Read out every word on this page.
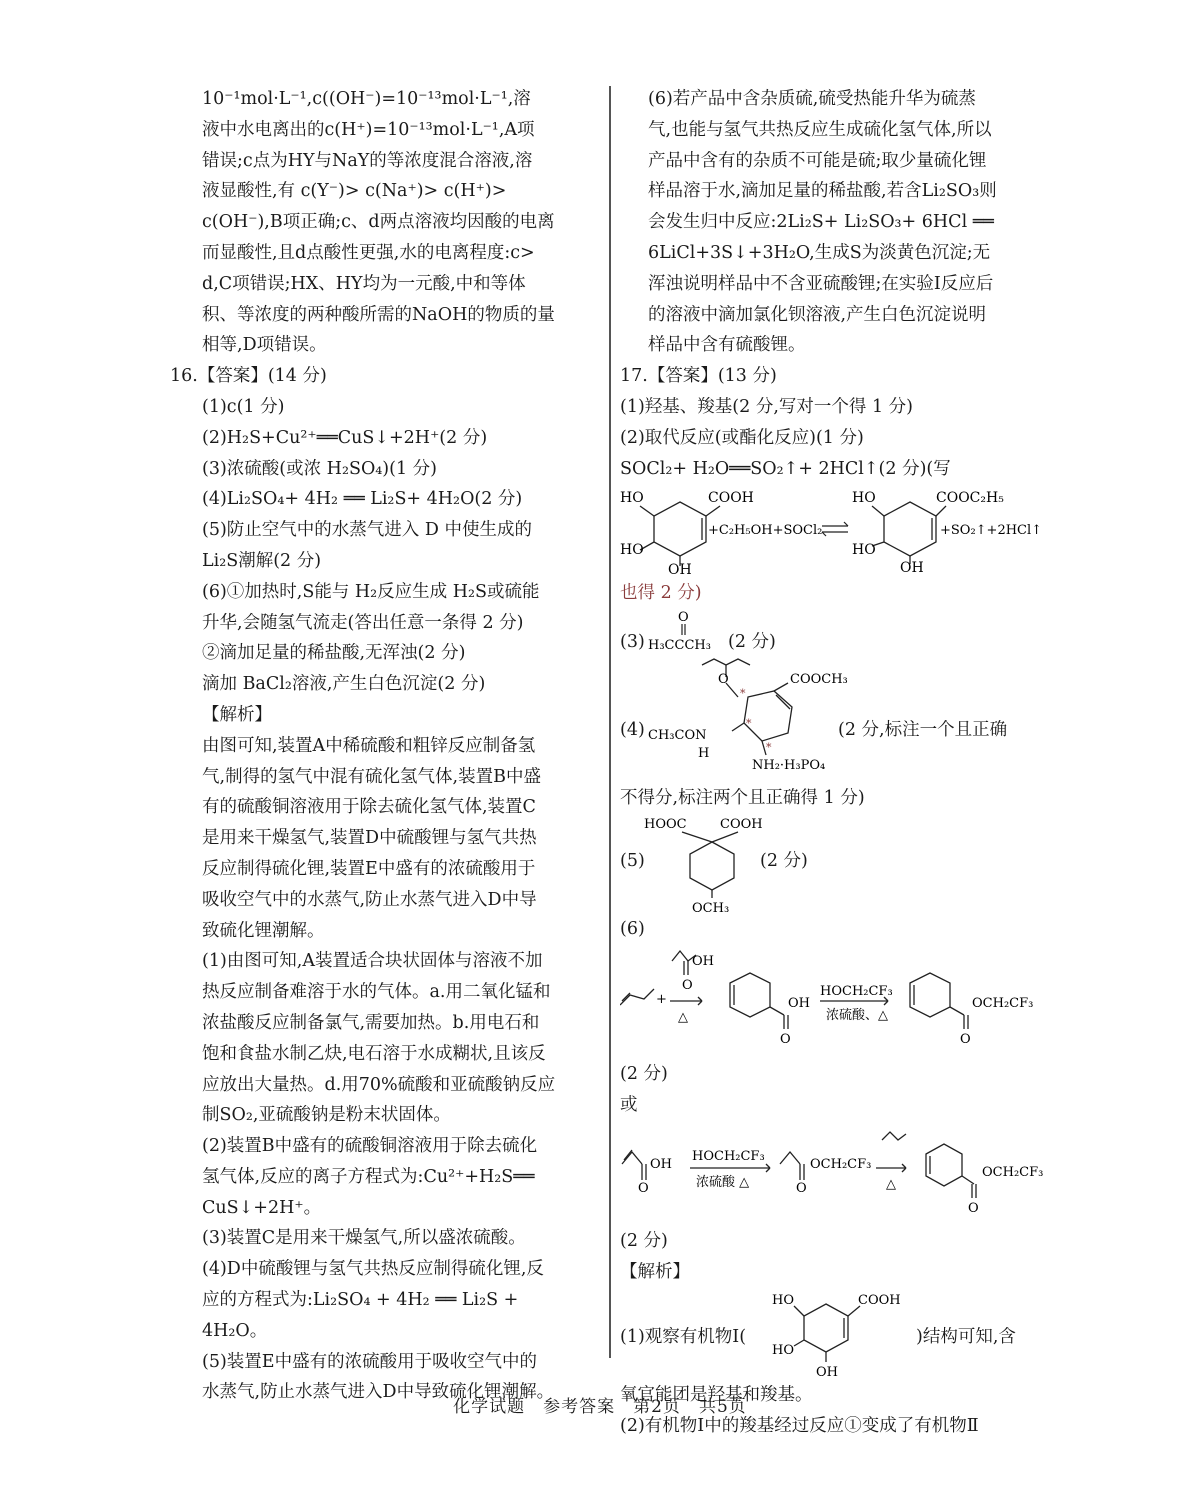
10⁻¹mol·L⁻¹,c((OH⁻)=10⁻¹³mol·L⁻¹,溶
液中水电离出的c(H⁺)=10⁻¹³mol·L⁻¹,A项
错误;c点为HY与NaY的等浓度混合溶液,溶
液显酸性,有 c(Y⁻)> c(Na⁺)> c(H⁺)>
c(OH⁻),B项正确;c、d两点溶液均因酸的电离
而显酸性,且d点酸性更强,水的电离程度:c>
d,C项错误;HX、HY均为一元酸,中和等体
积、等浓度的两种酸所需的NaOH的物质的量
相等,D项错误。
16.【答案】(14 分)
(1)c(1 分)
(2)H₂S+Cu²⁺══CuS↓+2H⁺(2 分)
(3)浓硫酸(或浓 H₂SO₄)(1 分)
(4)Li₂SO₄+ 4H₂ ══ Li₂S+ 4H₂O(2 分)
(5)防止空气中的水蒸气进入 D 中使生成的
Li₂S潮解(2 分)
(6)①加热时,S能与 H₂反应生成 H₂S或硫能
升华,会随氢气流走(答出任意一条得 2 分)
②滴加足量的稀盐酸,无浑浊(2 分)
滴加 BaCl₂溶液,产生白色沉淀(2 分)
【解析】
由图可知,装置A中稀硫酸和粗锌反应制备氢
气,制得的氢气中混有硫化氢气体,装置B中盛
有的硫酸铜溶液用于除去硫化氢气体,装置C
是用来干燥氢气,装置D中硫酸锂与氢气共热
反应制得硫化锂,装置E中盛有的浓硫酸用于
吸收空气中的水蒸气,防止水蒸气进入D中导
致硫化锂潮解。
(1)由图可知,A装置适合块状固体与溶液不加
热反应制备难溶于水的气体。a.用二氧化锰和
浓盐酸反应制备氯气,需要加热。b.用电石和
饱和食盐水制乙炔,电石溶于水成糊状,且该反
应放出大量热。d.用70%硫酸和亚硫酸钠反应
制SO₂,亚硫酸钠是粉末状固体。
(2)装置B中盛有的硫酸铜溶液用于除去硫化
氢气体,反应的离子方程式为:Cu²⁺+H₂S══
CuS↓+2H⁺。
(3)装置C是用来干燥氢气,所以盛浓硫酸。
(4)D中硫酸锂与氢气共热反应制得硫化锂,反
应的方程式为:Li₂SO₄ + 4H₂ ══ Li₂S +
4H₂O。
(5)装置E中盛有的浓硫酸用于吸收空气中的
水蒸气,防止水蒸气进入D中导致硫化锂潮解。
(6)若产品中含杂质硫,硫受热能升华为硫蒸
气,也能与氢气共热反应生成硫化氢气体,所以
产品中含有的杂质不可能是硫;取少量硫化锂
样品溶于水,滴加足量的稀盐酸,若含Li₂SO₃则
会发生归中反应:2Li₂S+ Li₂SO₃+ 6HCl ══
6LiCl+3S↓+3H₂O,生成S为淡黄色沉淀;无
浑浊说明样品中不含亚硫酸锂;在实验Ⅰ反应后
的溶液中滴加氯化钡溶液,产生白色沉淀说明
样品中含有硫酸锂。
17.【答案】(13 分)
(1)羟基、羧基(2 分,写对一个得 1 分)
(2)取代反应(或酯化反应)(1 分)
SOCl₂+ H₂O══SO₂↑+ 2HCl↑(2 分)(写
HO	COOH
HO
OH
+C₂H₅OH+SOCl₂
HO	COOC₂H₅
HO
OH
+SO₂↑+2HCl↑
也得 2 分)
(3)
O
H₃CCCH₃ (2 分)
(4)
O	COOCH₃
*
*
*
CH₃CON
H
NH₂·H₃PO₄
(2 分,标注一个且正确
不得分,标注两个且正确得 1 分)
(5)
HOOC	COOH
OCH₃
(2 分)
(6)
OH
O
+
△
OH
O
HOCH₂CF₃
浓硫酸、△
OCH₂CF₃
O
(2 分)
或
OH
O
HOCH₂CF₃
浓硫酸 △
OCH₂CF₃
O	△
OCH₂CF₃
O
(2 分)
【解析】
(1)观察有机物Ⅰ(
HO	COOH
HO
OH
)结构可知,含
氧官能团是羟基和羧基。
(2)有机物Ⅰ中的羧基经过反应①变成了有机物Ⅱ
化学试题　参考答案　第2页　共5页
